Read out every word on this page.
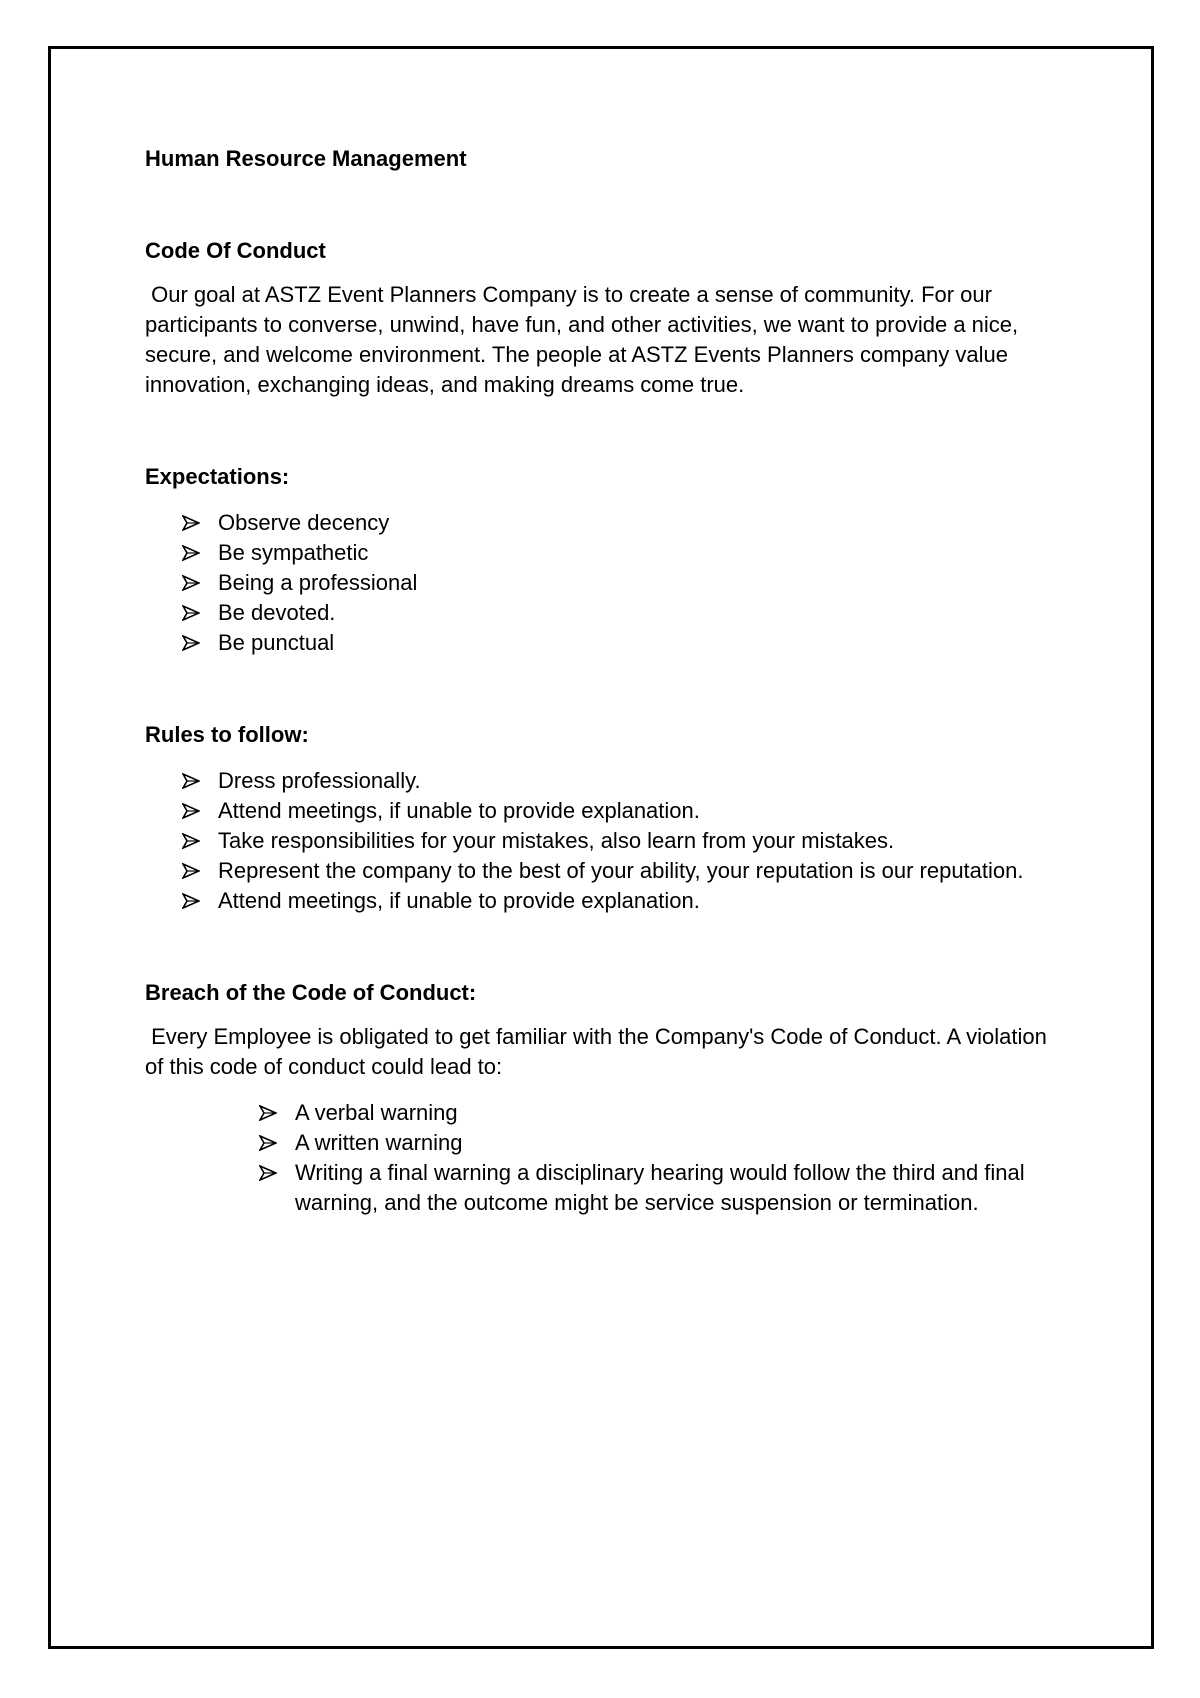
Human Resource Management
Code Of Conduct

Our goal at ASTZ Event Planners Company is to create a sense of community. For our participants to converse, unwind, have fun, and other activities, we want to provide a nice, secure, and welcome environment. The people at ASTZ Events Planners company value innovation, exchanging ideas, and making dreams come true.

Expectations:
Observe decency
Be sympathetic
Being a professional
Be devoted.
Be punctual
Rules to follow:
Dress professionally.
Attend meetings, if unable to provide explanation.
Take responsibilities for your mistakes, also learn from your mistakes.
Represent the company to the best of your ability, your reputation is our reputation.
Attend meetings, if unable to provide explanation.
Breach of the Code of Conduct:

Every Employee is obligated to get familiar with the Company's Code of Conduct. A violation of this code of conduct could lead to:

A verbal warning
A written warning
Writing a final warning a disciplinary hearing would follow the third and final warning, and the outcome might be service suspension or termination.
